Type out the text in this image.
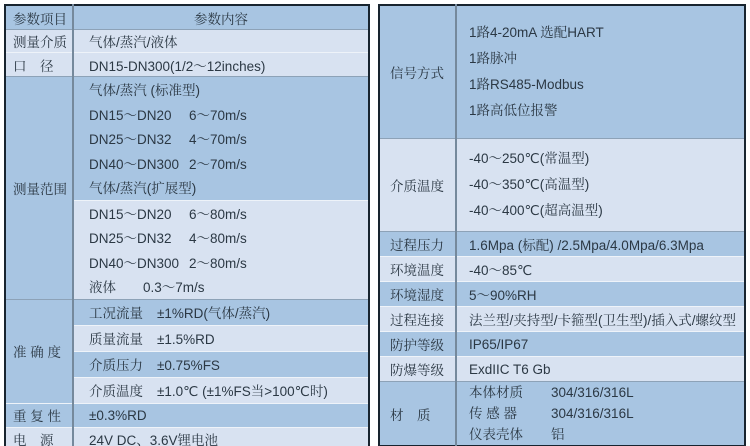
参数项目	参数内容
测量介质	气体/蒸汽/液体
口　径	DN15-DN300(1/2～12inches)
测量范围	气体/蒸汽 (标准型)
	DN15～DN20 6～70m/s
	DN25～DN32 4～70m/s
	DN40～DN300 2～70m/s
	气体/蒸汽(扩展型)
	DN15～DN20 6～80m/s
	DN25～DN32 4～80m/s
	DN40～DN300 2～80m/s
	液体 0.3～7m/s
准 确 度	工况流量 ±1%RD(气体/蒸汽)
	质量流量 ±1.5%RD
	介质压力 ±0.75%FS
	介质温度 ±1.0℃ (±1%FS当>100℃时)
重 复 性	±0.3%RD
电　源	24V DC、3.6V锂电池
信号方式	1路4-20mA 选配HART
1路脉冲
1路RS485-Modbus
1路高低位报警

介质温度	-40～250℃(常温型)
-40～350℃(高温型)
-40～400℃(超高温型)

过程压力	1.6Mpa (标配) /2.5Mpa/4.0Mpa/6.3Mpa
环境温度	-40～85℃
环境湿度	5～90%RH
过程连接	法兰型/夹持型/卡箍型(卫生型)/插入式/螺纹型
防护等级	IP65/IP67
防爆等级	ExdIIC T6 Gb
材　质	本体材质 304/316/316L
传 感 器 304/316/316L
仪表壳体 铝
